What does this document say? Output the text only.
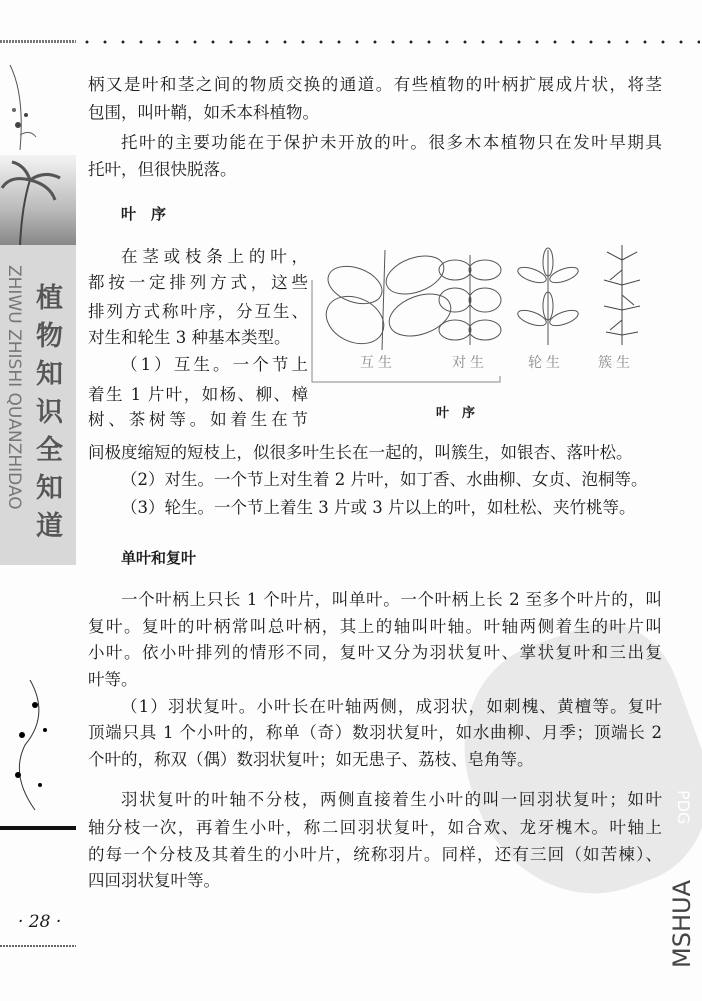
植物知识全知道
ZHIWU ZHISHI QUANZHIDAO
· 28 ·
PDG
MSHUA
柄又是叶和茎之间的物质交换的通道。有些植物的叶柄扩展成片状，将茎
包围，叫叶鞘，如禾本科植物。
托叶的主要功能在于保护未开放的叶。很多木本植物只在发叶早期具
托叶，但很快脱落。
叶　序
在茎或枝条上的叶，
都按一定排列方式，这些
排列方式称叶序，分互生、
对生和轮生 3 种基本类型。
（1）互生。一个节上
着生 1 片叶，如杨、柳、樟
树、茶树等。如着生在节
间极度缩短的短枝上，似很多叶生长在一起的，叫簇生，如银杏、落叶松。
（2）对生。一个节上对生着 2 片叶，如丁香、水曲柳、女贞、泡桐等。
（3）轮生。一个节上着生 3 片或 3 片以上的叶，如杜松、夹竹桃等。
单叶和复叶
一个叶柄上只长 1 个叶片，叫单叶。一个叶柄上长 2 至多个叶片的，叫
复叶。复叶的叶柄常叫总叶柄，其上的轴叫叶轴。叶轴两侧着生的叶片叫
小叶。依小叶排列的情形不同，复叶又分为羽状复叶、掌状复叶和三出复
叶等。
（1）羽状复叶。小叶长在叶轴两侧，成羽状，如刺槐、黄檀等。复叶
顶端只具 1 个小叶的，称单（奇）数羽状复叶，如水曲柳、月季；顶端长 2
个叶的，称双（偶）数羽状复叶；如无患子、荔枝、皂角等。
羽状复叶的叶轴不分枝，两侧直接着生小叶的叫一回羽状复叶；如叶
轴分枝一次，再着生小叶，称二回羽状复叶，如合欢、龙牙槐木。叶轴上
的每一个分枝及其着生的小叶片，统称羽片。同样，还有三回（如苦楝）、
四回羽状复叶等。
互生	对生	轮生 簇生
叶　序
